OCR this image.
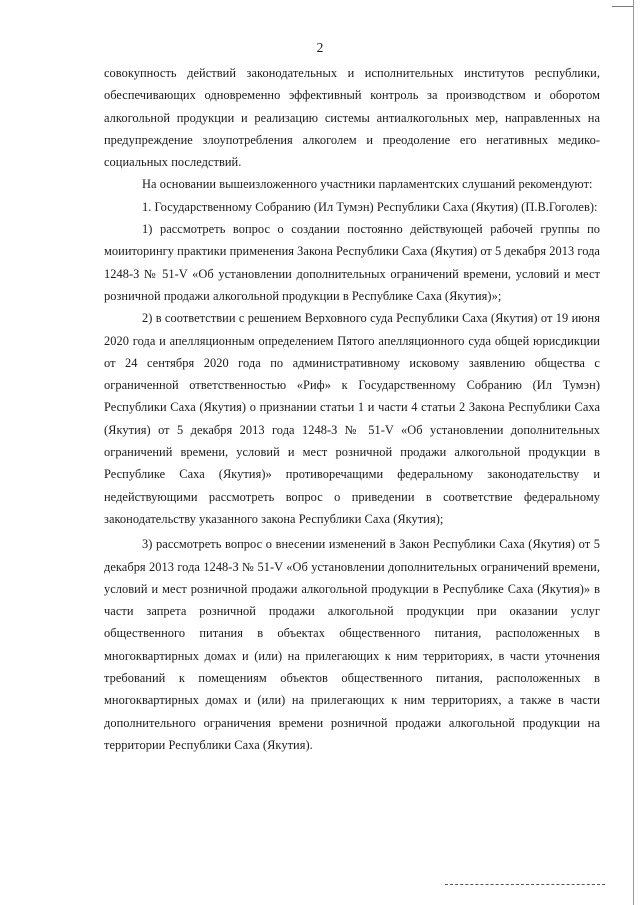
2

совокупность действий законодательных и исполнительных институтов республики, обеспечивающих одновременно эффективный контроль за производством и оборотом алкогольной продукции и реализацию системы антиалкогольных мер, направленных на предупреждение злоупотребления алкоголем и преодоление его негативных медико-социальных последствий.

На основании вышеизложенного участники парламентских слушаний рекомендуют:

1. Государственному Собранию (Ил Тумэн) Республики Саха (Якутия) (П.В.Гоголев):

1) рассмотреть вопрос о создании постоянно действующей рабочей группы по моииторингу практики применения Закона Республики Саха (Якутия) от 5 декабря 2013 года 1248-З № 51-V «Об установлении дополнительных ограничений времени, условий и мест розничной продажи алкогольной продукции в Республике Саха (Якутия)»;

2) в соответствии с решением Верховного суда Республики Саха (Якутия) от 19 июня 2020 года и апелляционным определением Пятого апелляционного суда общей юрисдикции от 24 сентября 2020 года по административному исковому заявлению общества с ограниченной ответственностью «Риф» к Государственному Собранию (Ил Тумэн) Республики Саха (Якутия) о признании статьи 1 и части 4 статьи 2 Закона Республики Саха (Якутия) от 5 декабря 2013 года 1248-З № 51-V «Об установлении дополнительных ограничений времени, условий и мест розничной продажи алкогольной продукции в Республике Саха (Якутия)» противоречащими федеральному законодательству и недействующими рассмотреть вопрос о приведении в соответствие федеральному законодательству указанного закона Республики Саха (Якутия);

3) рассмотреть вопрос о внесении изменений в Закон Республики Саха (Якутия) от 5 декабря 2013 года 1248-З № 51-V «Об установлении дополнительных ограничений времени, условий и мест розничной продажи алкогольной продукции в Республике Саха (Якутия)» в части запрета розничной продажи алкогольной продукции при оказании услуг общественного питания в объектах общественного питания, расположенных в многоквартирных домах и (или) на прилегающих к ним территориях, в части уточнения требований к помещениям объектов общественного питания, расположенных в многоквартирных домах и (или) на прилегающих к ним территориях, а также в части дополнительного ограничения времени розничной продажи алкогольной продукции на территории Республики Саха (Якутия).
